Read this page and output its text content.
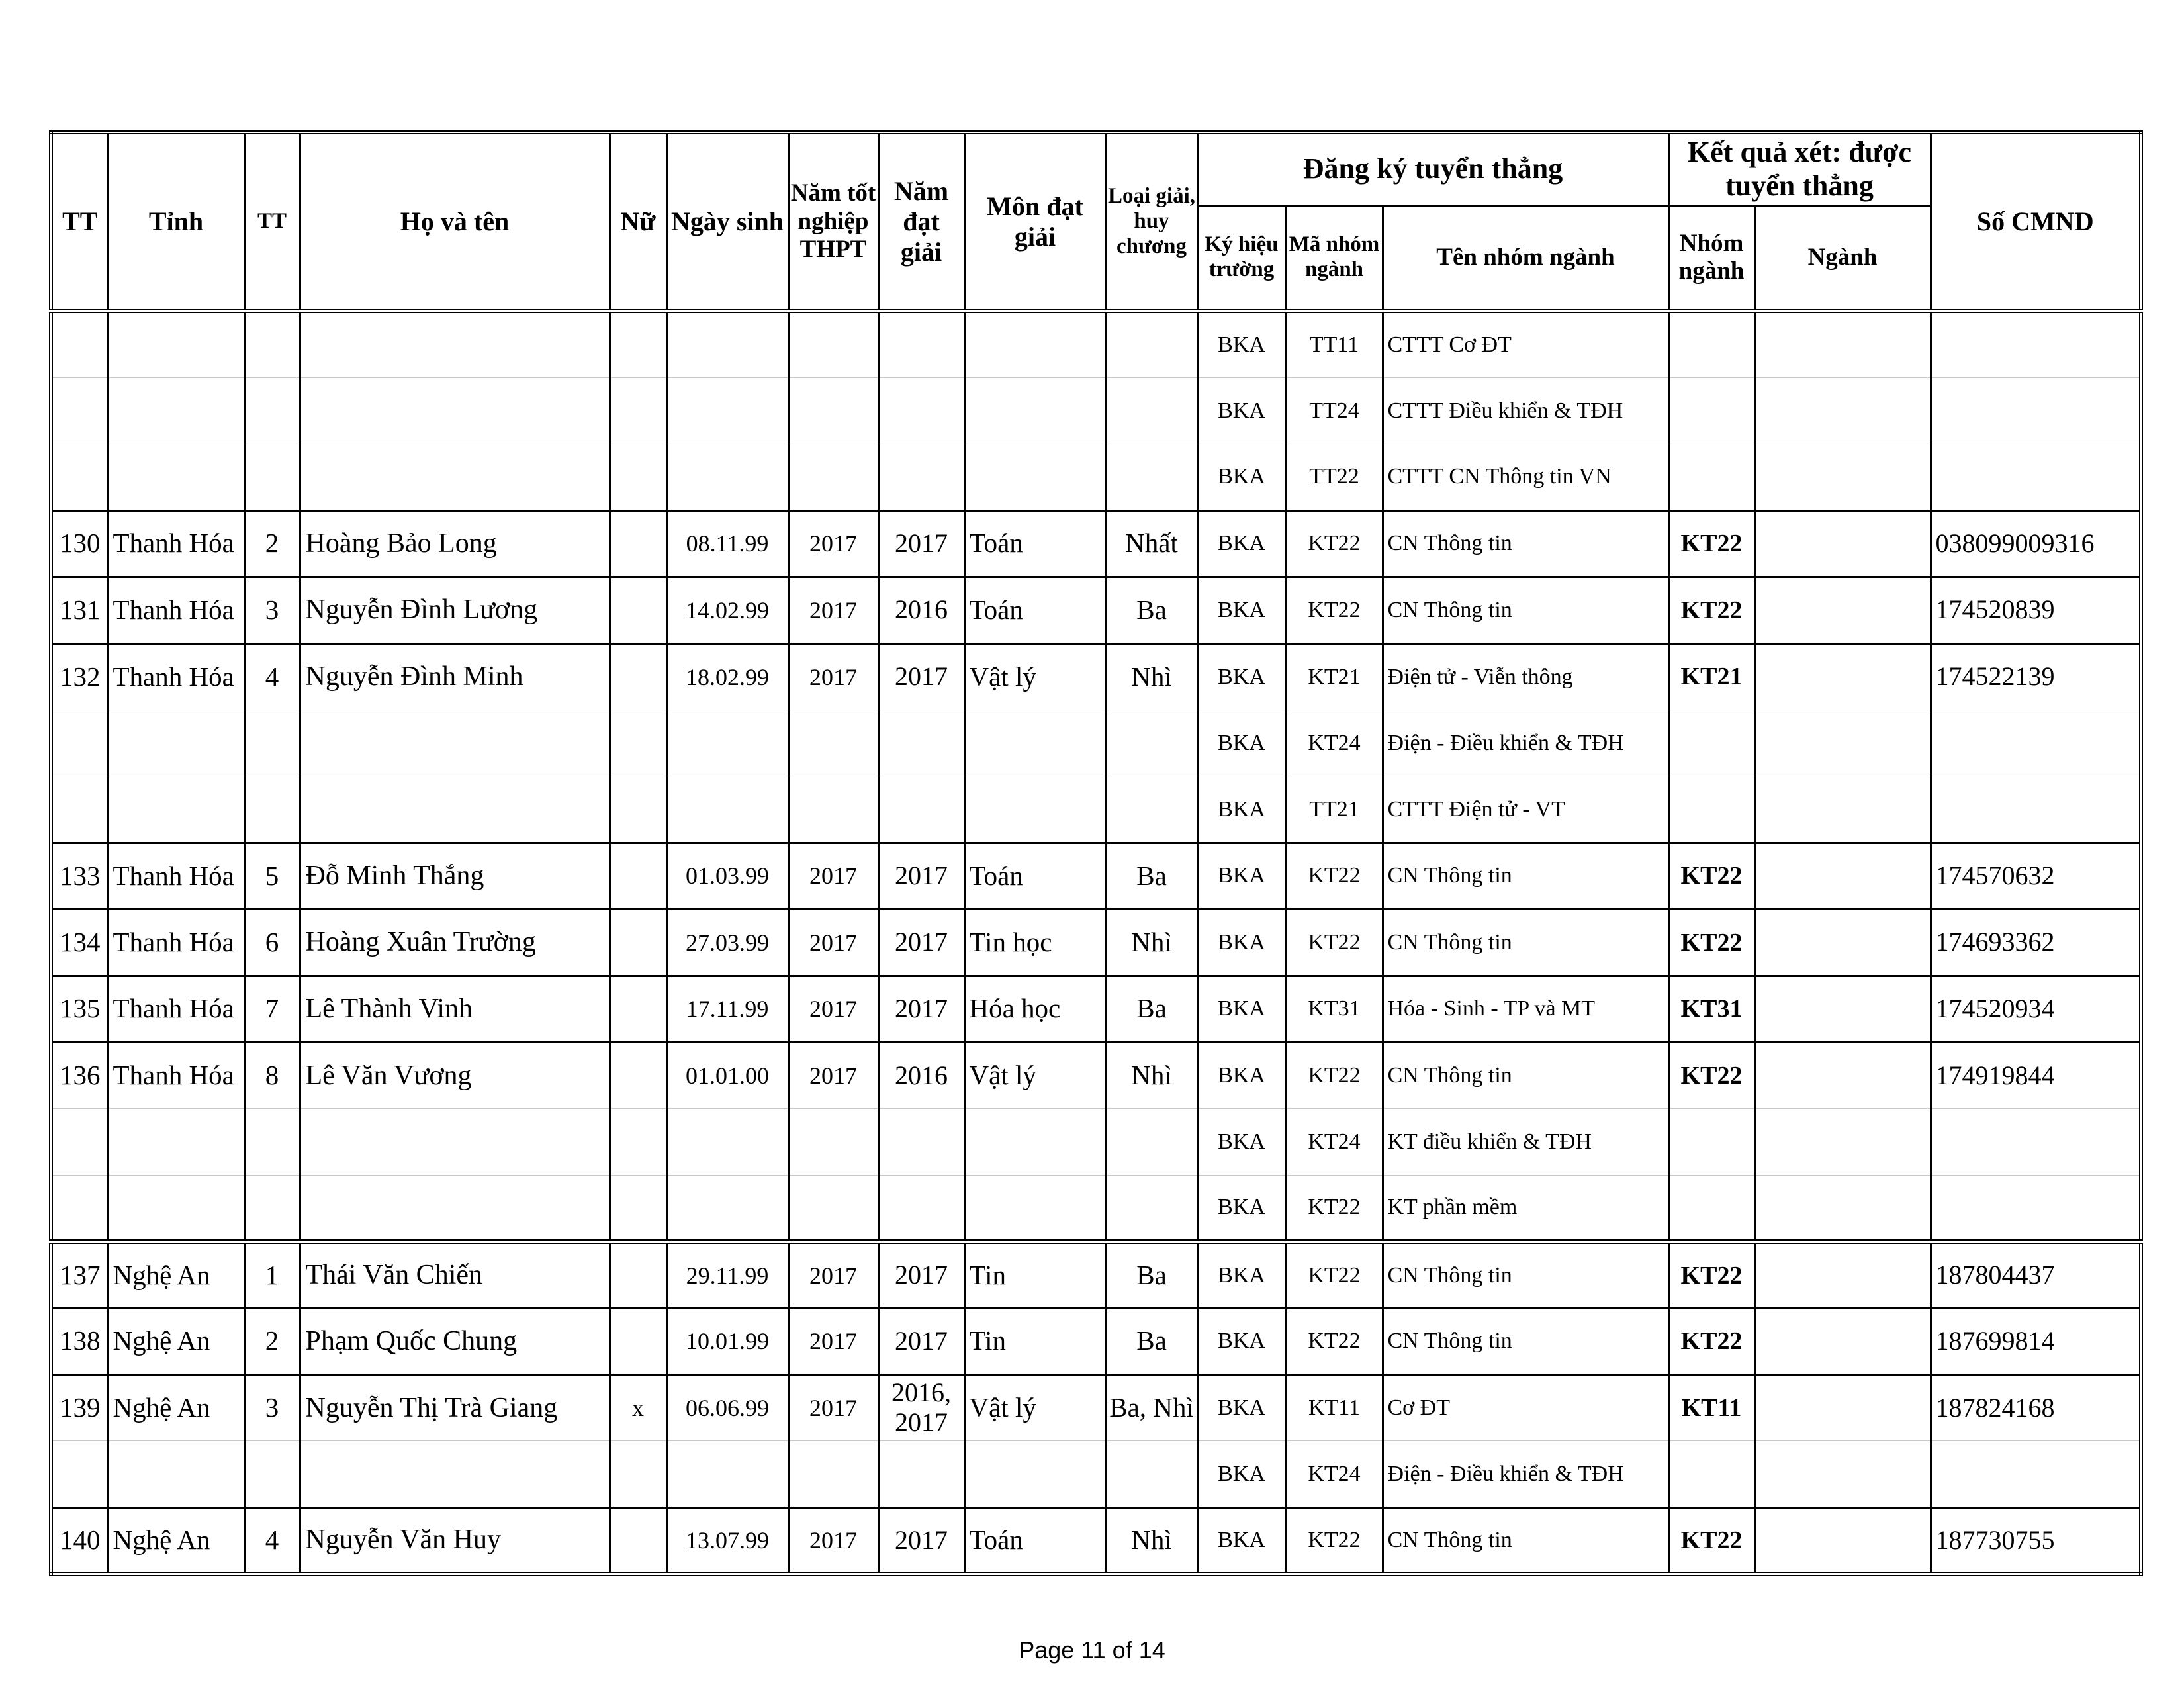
TT	Tỉnh	TT	Họ và tên	Nữ	Ngày sinh	Năm tốt nghiệp THPT	Năm đạt giải	Môn đạt giải	Loại giải, huy chương	Đăng ký tuyển thẳng			Kết quả xét: được tuyển thẳng		Số CMND
										Ký hiệu trường	Mã nhóm ngành	Tên nhóm ngành	Nhóm ngành	Ngành	
										BKA	TT11	CTTT Cơ ĐT			
										BKA	TT24	CTTT Điều khiển & TĐH			
										BKA	TT22	CTTT CN Thông tin VN			
130	Thanh Hóa	2	Hoàng Bảo Long		08.11.99	2017	2017	Toán	Nhất	BKA	KT22	CN Thông tin	KT22		038099009316
131	Thanh Hóa	3	Nguyễn Đình Lương		14.02.99	2017	2016	Toán	Ba	BKA	KT22	CN Thông tin	KT22		174520839
132	Thanh Hóa	4	Nguyễn Đình Minh		18.02.99	2017	2017	Vật lý	Nhì	BKA	KT21	Điện tử - Viễn thông	KT21		174522139
										BKA	KT24	Điện - Điều khiển & TĐH			
										BKA	TT21	CTTT Điện tử - VT			
133	Thanh Hóa	5	Đỗ Minh Thắng		01.03.99	2017	2017	Toán	Ba	BKA	KT22	CN Thông tin	KT22		174570632
134	Thanh Hóa	6	Hoàng Xuân Trường		27.03.99	2017	2017	Tin học	Nhì	BKA	KT22	CN Thông tin	KT22		174693362
135	Thanh Hóa	7	Lê Thành Vinh		17.11.99	2017	2017	Hóa học	Ba	BKA	KT31	Hóa - Sinh - TP và MT	KT31		174520934
136	Thanh Hóa	8	Lê Văn Vương		01.01.00	2017	2016	Vật lý	Nhì	BKA	KT22	CN Thông tin	KT22		174919844
										BKA	KT24	KT điều khiển & TĐH			
										BKA	KT22	KT phần mềm			
137	Nghệ An	1	Thái Văn Chiến		29.11.99	2017	2017	Tin	Ba	BKA	KT22	CN Thông tin	KT22		187804437
138	Nghệ An	2	Phạm Quốc Chung		10.01.99	2017	2017	Tin	Ba	BKA	KT22	CN Thông tin	KT22		187699814
139	Nghệ An	3	Nguyễn Thị Trà Giang	x	06.06.99	2017	2016, 2017	Vật lý	Ba, Nhì	BKA	KT11	Cơ ĐT	KT11		187824168
										BKA	KT24	Điện - Điều khiển & TĐH			
140	Nghệ An	4	Nguyễn Văn Huy		13.07.99	2017	2017	Toán	Nhì	BKA	KT22	CN Thông tin	KT22		187730755
Page 11 of 14
